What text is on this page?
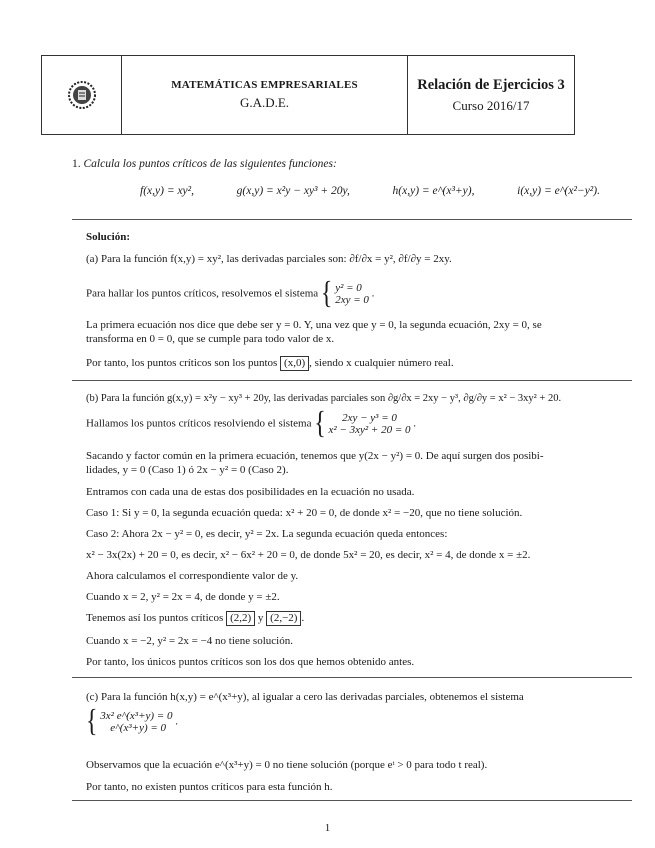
MATEMÁTICAS EMPRESARIALES
G.A.D.E.
Relación de Ejercicios 3
Curso 2016/17
1. Calcula los puntos críticos de las siguientes funciones:
f(x,y) = xy²,	g(x,y) = x²y − xy³ + 20y,	h(x,y) = e^(x³+y),	i(x,y) = e^(x²−y²).
Solución:
(a) Para la función f(x,y) = xy², las derivadas parciales son: ∂f/∂x = y², ∂f/∂y = 2xy.
Para hallar los puntos críticos, resolvemos el sistema { y² = 0
2xy = 0
.
La primera ecuación nos dice que debe ser y = 0. Y, una vez que y = 0, la segunda ecuación, 2xy = 0, se
transforma en 0 = 0, que se cumple para todo valor de x.
Por tanto, los puntos críticos son los puntos (x,0) , siendo x cualquier número real.
(b) Para la función g(x,y) = x²y − xy³ + 20y, las derivadas parciales son ∂g/∂x = 2xy − y³, ∂g/∂y = x² − 3xy² + 20.
Hallamos los puntos críticos resolviendo el sistema {	2xy − y³ = 0
x² − 3xy² + 20 = 0
.
Sacando y factor común en la primera ecuación, tenemos que y(2x − y²) = 0. De aquí surgen dos posibi-
lidades, y = 0 (Caso 1) ó 2x − y² = 0 (Caso 2).
Entramos con cada una de estas dos posibilidades en la ecuación no usada.
Caso 1: Si y = 0, la segunda ecuación queda: x² + 20 = 0, de donde x² = −20, que no tiene solución.
Caso 2: Ahora 2x − y² = 0, es decir, y² = 2x. La segunda ecuación queda entonces:
x² − 3x(2x) + 20 = 0, es decir, x² − 6x² + 20 = 0, de donde 5x² = 20, es decir, x² = 4, de donde x = ±2.
Ahora calculamos el correspondiente valor de y.
Cuando x = 2, y² = 2x = 4, de donde y = ±2.
Tenemos así los puntos críticos (2,2) y (2,−2) .
Cuando x = −2, y² = 2x = −4 no tiene solución.
Por tanto, los únicos puntos críticos son los dos que hemos obtenido antes.
(c) Para la función h(x,y) = e^(x³+y), al igualar a cero las derivadas parciales, obtenemos el sistema
{ 3x² e^(x³+y) = 0
e^(x³+y) = 0
.
Observamos que la ecuación e^(x³+y) = 0 no tiene solución (porque eᵗ > 0 para todo t real).
Por tanto, no existen puntos críticos para esta función h.
1
